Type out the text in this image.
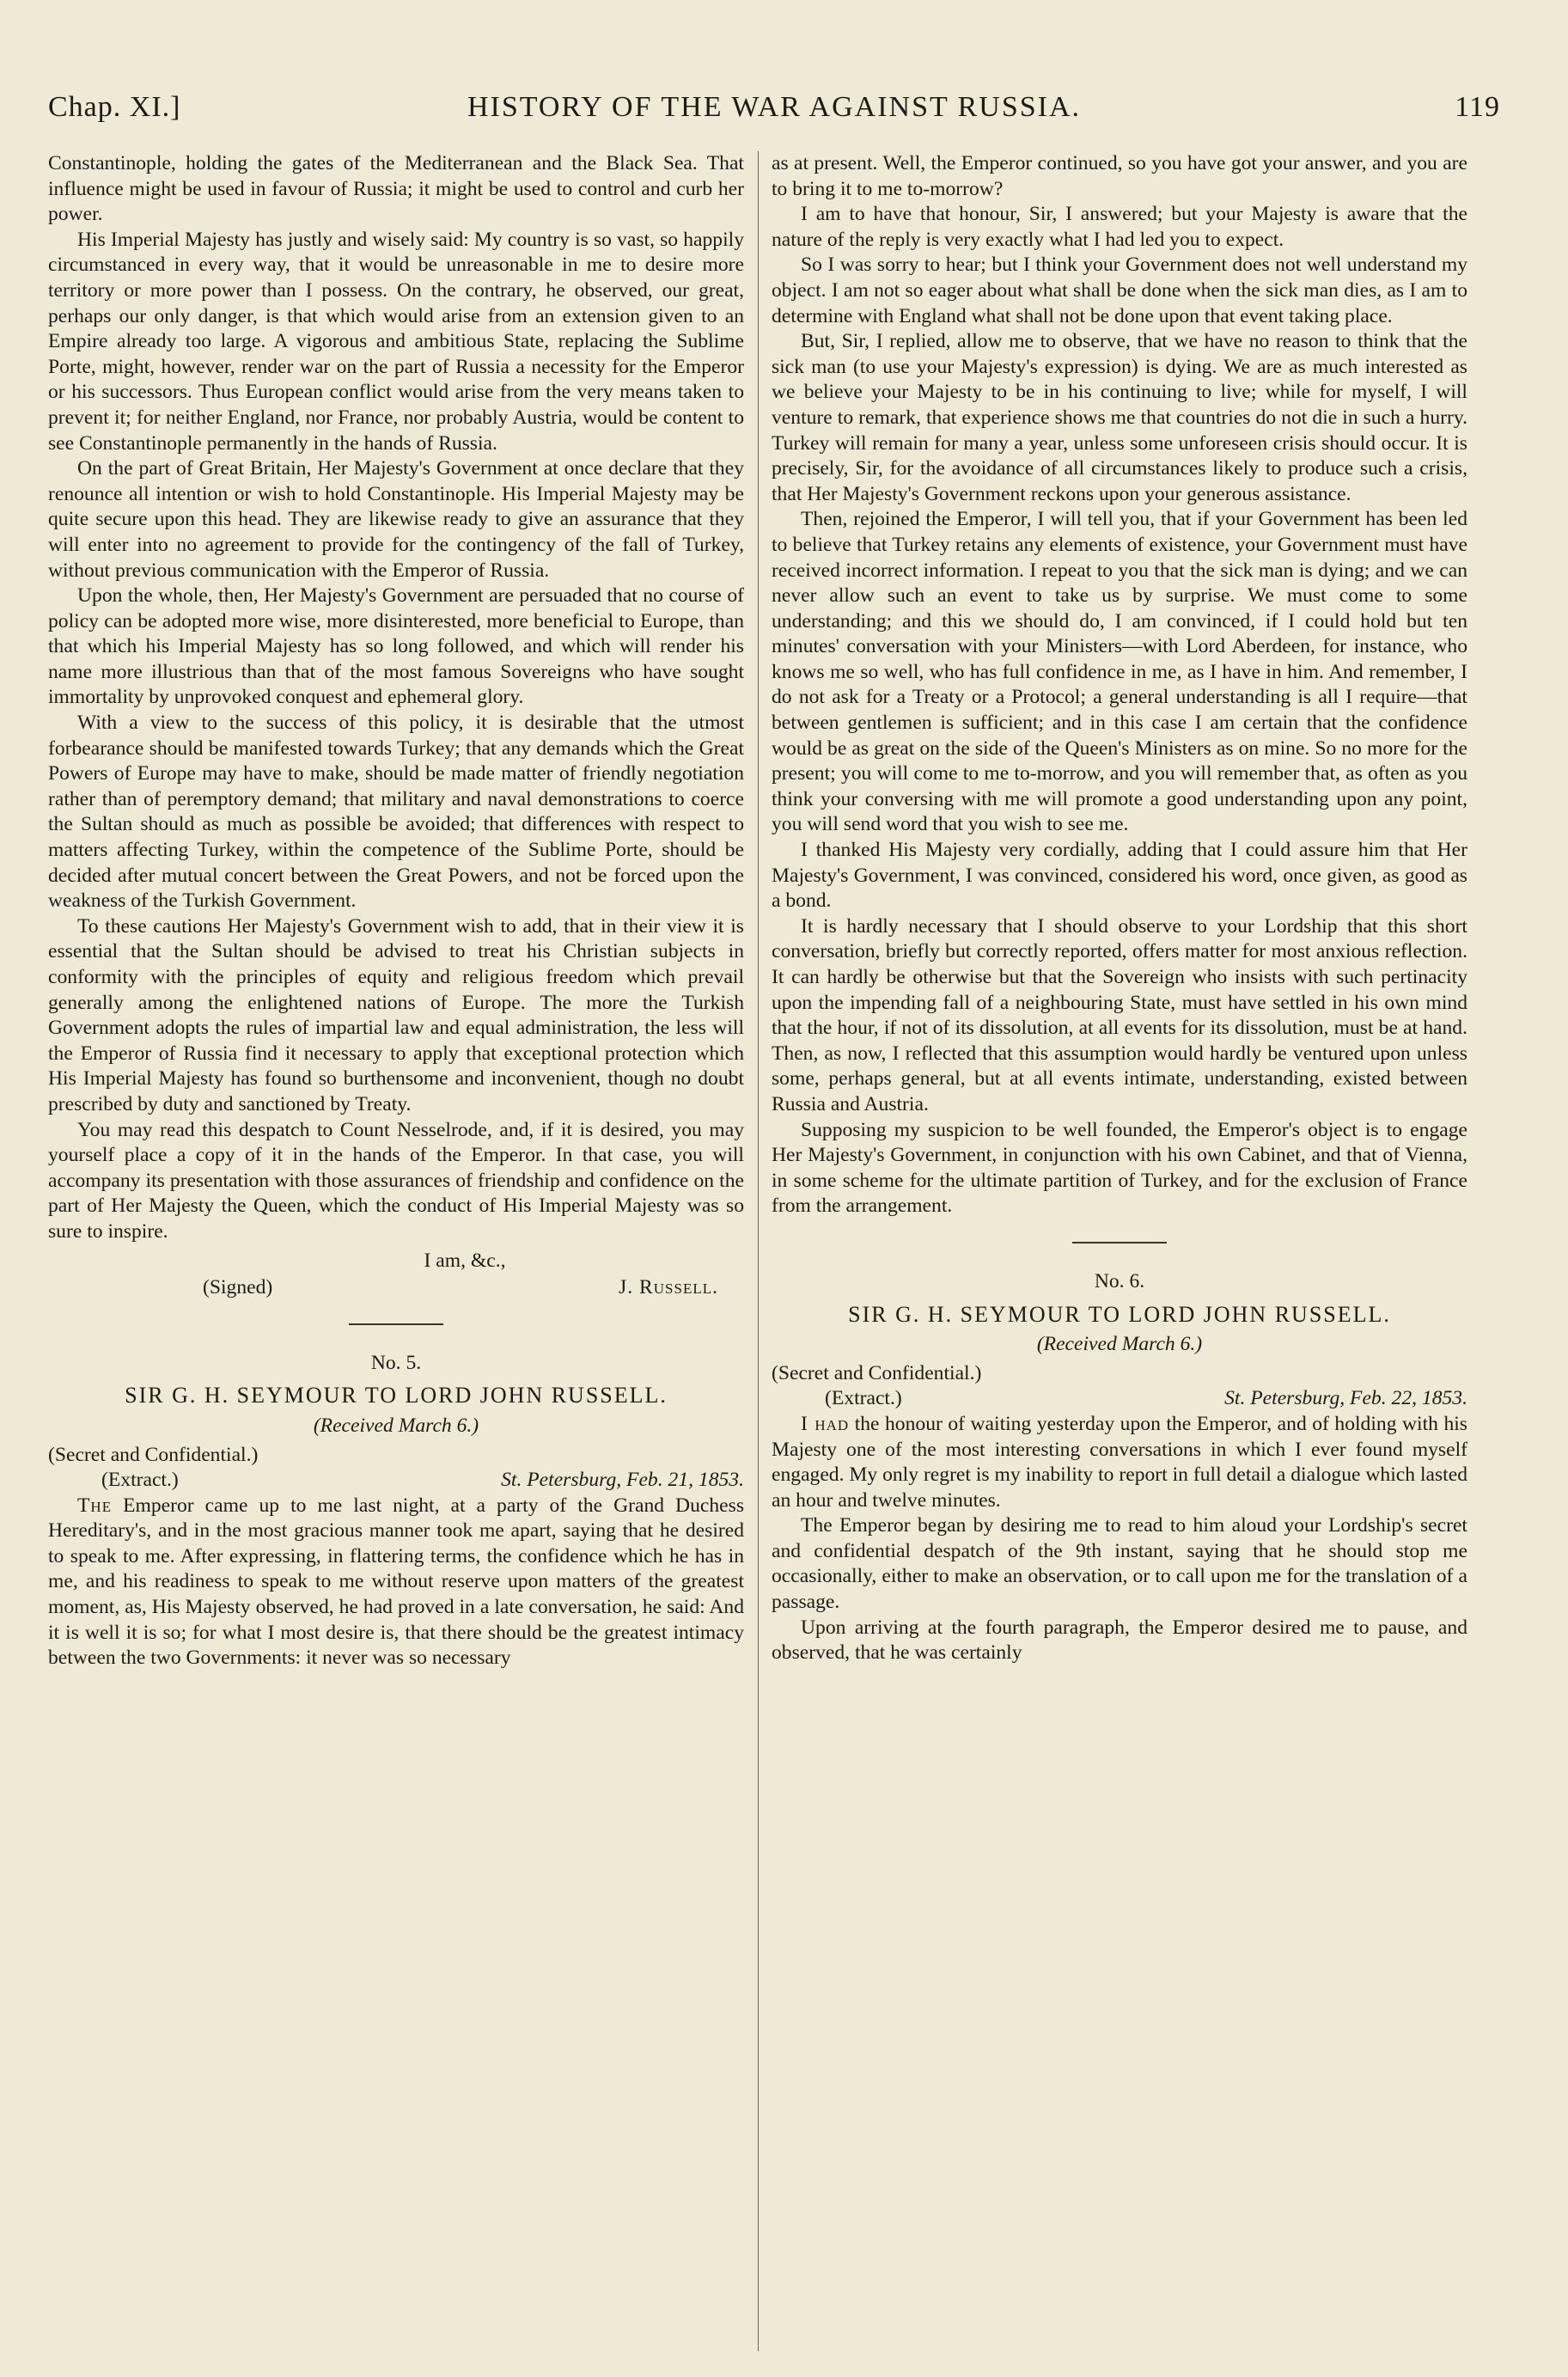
Chap. XI.]	HISTORY OF THE WAR AGAINST RUSSIA.	119

Constantinople, holding the gates of the Mediterranean and the Black Sea. That influence might be used in favour of Russia; it might be used to control and curb her power.

His Imperial Majesty has justly and wisely said: My country is so vast, so happily circumstanced in every way, that it would be unreasonable in me to desire more territory or more power than I possess. On the contrary, he observed, our great, perhaps our only danger, is that which would arise from an extension given to an Empire already too large. A vigorous and ambitious State, replacing the Sublime Porte, might, however, render war on the part of Russia a necessity for the Emperor or his successors. Thus European conflict would arise from the very means taken to prevent it; for neither England, nor France, nor probably Austria, would be content to see Constantinople permanently in the hands of Russia.

On the part of Great Britain, Her Majesty's Government at once declare that they renounce all intention or wish to hold Constantinople. His Imperial Majesty may be quite secure upon this head. They are likewise ready to give an assurance that they will enter into no agreement to provide for the contingency of the fall of Turkey, without previous communication with the Emperor of Russia.

Upon the whole, then, Her Majesty's Government are persuaded that no course of policy can be adopted more wise, more disinterested, more beneficial to Europe, than that which his Imperial Majesty has so long followed, and which will render his name more illustrious than that of the most famous Sovereigns who have sought immortality by unprovoked conquest and ephemeral glory.

With a view to the success of this policy, it is desirable that the utmost forbearance should be manifested towards Turkey; that any demands which the Great Powers of Europe may have to make, should be made matter of friendly negotiation rather than of peremptory demand; that military and naval demonstrations to coerce the Sultan should as much as possible be avoided; that differences with respect to matters affecting Turkey, within the competence of the Sublime Porte, should be decided after mutual concert between the Great Powers, and not be forced upon the weakness of the Turkish Government.

To these cautions Her Majesty's Government wish to add, that in their view it is essential that the Sultan should be advised to treat his Christian subjects in conformity with the principles of equity and religious freedom which prevail generally among the enlightened nations of Europe. The more the Turkish Government adopts the rules of impartial law and equal administration, the less will the Emperor of Russia find it necessary to apply that exceptional protection which His Imperial Majesty has found so burthensome and inconvenient, though no doubt prescribed by duty and sanctioned by Treaty.

You may read this despatch to Count Nesselrode, and, if it is desired, you may yourself place a copy of it in the hands of the Emperor. In that case, you will accompany its presentation with those assurances of friendship and confidence on the part of Her Majesty the Queen, which the conduct of His Imperial Majesty was so sure to inspire.

I am, &c.,
(Signed)	J. Russell.
No. 5.
SIR G. H. SEYMOUR TO LORD JOHN RUSSELL.
(Received March 6.)
(Secret and Confidential.)
(Extract.)	St. Petersburg, Feb. 21, 1853.

The Emperor came up to me last night, at a party of the Grand Duchess Hereditary's, and in the most gracious manner took me apart, saying that he desired to speak to me. After expressing, in flattering terms, the confidence which he has in me, and his readiness to speak to me without reserve upon matters of the greatest moment, as, His Majesty observed, he had proved in a late conversation, he said: And it is well it is so; for what I most desire is, that there should be the greatest intimacy between the two Governments: it never was so necessary

as at present. Well, the Emperor continued, so you have got your answer, and you are to bring it to me to-morrow?

I am to have that honour, Sir, I answered; but your Majesty is aware that the nature of the reply is very exactly what I had led you to expect.

So I was sorry to hear; but I think your Government does not well understand my object. I am not so eager about what shall be done when the sick man dies, as I am to determine with England what shall not be done upon that event taking place.

But, Sir, I replied, allow me to observe, that we have no reason to think that the sick man (to use your Majesty's expression) is dying. We are as much interested as we believe your Majesty to be in his continuing to live; while for myself, I will venture to remark, that experience shows me that countries do not die in such a hurry. Turkey will remain for many a year, unless some unforeseen crisis should occur. It is precisely, Sir, for the avoidance of all circumstances likely to produce such a crisis, that Her Majesty's Government reckons upon your generous assistance.

Then, rejoined the Emperor, I will tell you, that if your Government has been led to believe that Turkey retains any elements of existence, your Government must have received incorrect information. I repeat to you that the sick man is dying; and we can never allow such an event to take us by surprise. We must come to some understanding; and this we should do, I am convinced, if I could hold but ten minutes' conversation with your Ministers—with Lord Aberdeen, for instance, who knows me so well, who has full confidence in me, as I have in him. And remember, I do not ask for a Treaty or a Protocol; a general understanding is all I require—that between gentlemen is sufficient; and in this case I am certain that the confidence would be as great on the side of the Queen's Ministers as on mine. So no more for the present; you will come to me to-morrow, and you will remember that, as often as you think your conversing with me will promote a good understanding upon any point, you will send word that you wish to see me.

I thanked His Majesty very cordially, adding that I could assure him that Her Majesty's Government, I was convinced, considered his word, once given, as good as a bond.

It is hardly necessary that I should observe to your Lordship that this short conversation, briefly but correctly reported, offers matter for most anxious reflection. It can hardly be otherwise but that the Sovereign who insists with such pertinacity upon the impending fall of a neighbouring State, must have settled in his own mind that the hour, if not of its dissolution, at all events for its dissolution, must be at hand. Then, as now, I reflected that this assumption would hardly be ventured upon unless some, perhaps general, but at all events intimate, understanding, existed between Russia and Austria.

Supposing my suspicion to be well founded, the Emperor's object is to engage Her Majesty's Government, in conjunction with his own Cabinet, and that of Vienna, in some scheme for the ultimate partition of Turkey, and for the exclusion of France from the arrangement.

No. 6.
SIR G. H. SEYMOUR TO LORD JOHN RUSSELL.
(Received March 6.)
(Secret and Confidential.)
(Extract.)	St. Petersburg, Feb. 22, 1853.

I had the honour of waiting yesterday upon the Emperor, and of holding with his Majesty one of the most interesting conversations in which I ever found myself engaged. My only regret is my inability to report in full detail a dialogue which lasted an hour and twelve minutes.

The Emperor began by desiring me to read to him aloud your Lordship's secret and confidential despatch of the 9th instant, saying that he should stop me occasionally, either to make an observation, or to call upon me for the translation of a passage.

Upon arriving at the fourth paragraph, the Emperor desired me to pause, and observed, that he was certainly
